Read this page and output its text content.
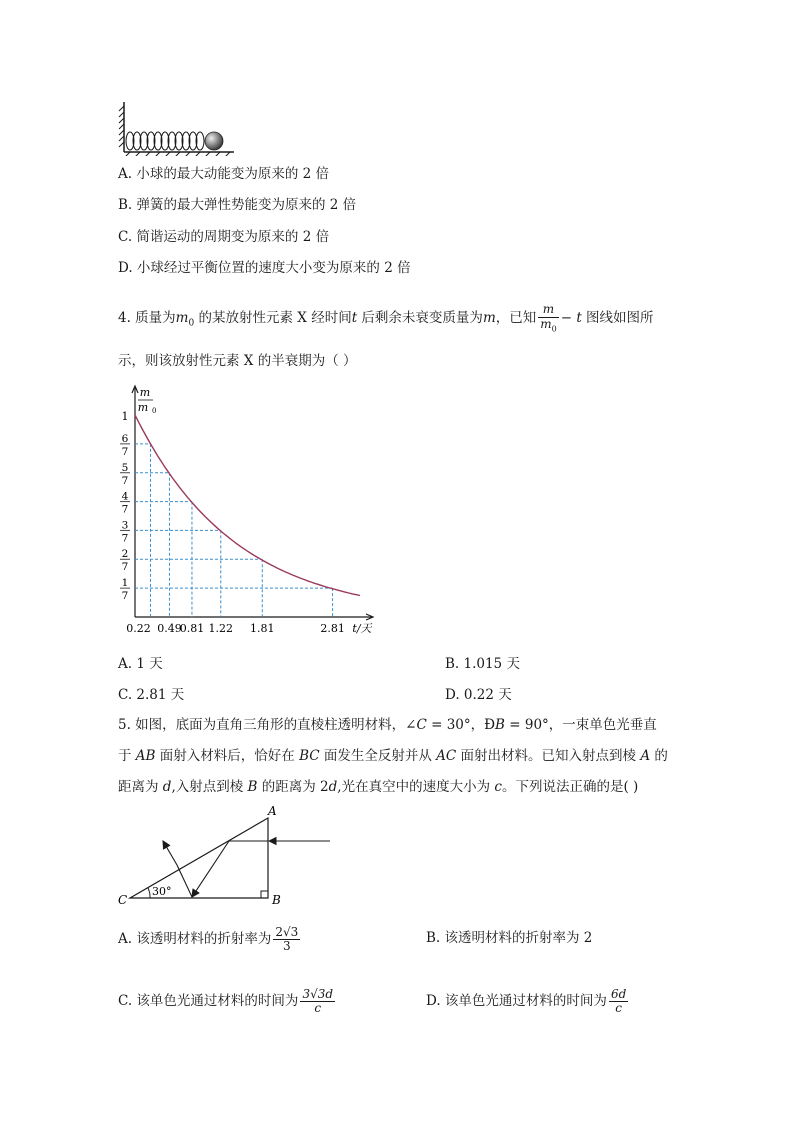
A. 小球的最大动能变为原来的 2 倍
B. 弹簧的最大弹性势能变为原来的 2 倍
C. 简谐运动的周期变为原来的 2 倍
D. 小球经过平衡位置的速度大小变为原来的 2 倍
4. 质量为$m_0$ 的某放射性元素 X 经时间t 后剩余未衰变质量为m，已知 $\frac{m}{m_0} - t$ 图线如图所
示，则该放射性元素 X 的半衰期为（ ）
m
m 0
1
6
7
5
7
4
7
3
7
2
7
1
7
0.22 0.49
0.81 1.22 1.81	2.81 t/天
A. 1 天	B. 1.015 天
C. 2.81 天	D. 0.22 天
5. 如图，底面为直角三角形的直棱柱透明材料，∠C = 30°，ÐB = 90°，一束单色光垂直
于 AB 面射入材料后，恰好在 BC 面发生全反射并从 AC 面射出材料。已知入射点到棱 A 的
距离为 d,入射点到棱 B 的距离为 2d,光在真空中的速度大小为 c。下列说法正确的是( )
A
B
C
30°
A. 该透明材料的折射率为 $\frac{2√3}{3}$	B. 该透明材料的折射率为 2
C. 该单色光通过材料的时间为 $\frac{3√3d}{c}$	D. 该单色光通过材料的时间为 $\frac{6d}{c}$
